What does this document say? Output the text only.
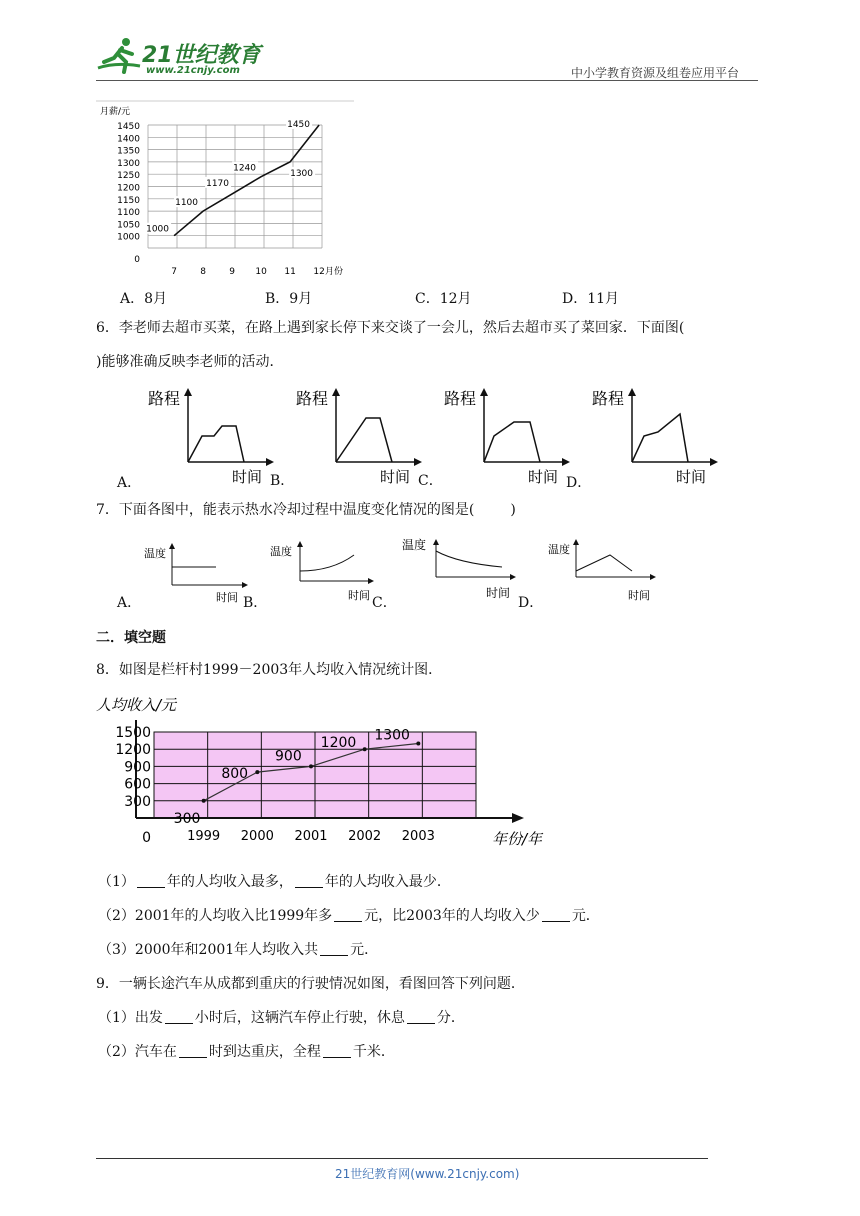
21世纪教育
www.21cnjy.com	中小学教育资源及组卷应用平台
月薪/元
0
1000
1050
1100
1150
1200
1250
1300
1350
1400
1450
7	8	9 10 11 12 月份
1000
1100
1170
1240
1300
1450
A．8月	B．9月	C．12月	D．11月
6．李老师去超市买菜，在路上遇到家长停下来交谈了一会儿，然后去超市买了菜回家．下面图(
)能够准确反映李老师的活动．
路程
时间
路程
时间
路程
时间
路程
时间
A．	B．	C．	D．
7．下面各图中，能表示热水冷却过程中温度变化情况的图是(	)
温度
时间
温度
时间
温度
时间
温度
时间
A．	B．	C．	D．
二．填空题
8．如图是栏杆村1999－2003年人均收入情况统计图．
人均收入/元
0
300
600
900
1200
1500
1999 2000 2001 2002 2003	年份/年
300
800
900
1200 1300
（1） 年的人均收入最多， 年的人均收入最少．
（2）2001年的人均收入比1999年多 元，比2003年的人均收入少 元．
（3）2000年和2001年人均收入共 元．
9．一辆长途汽车从成都到重庆的行驶情况如图，看图回答下列问题．
（1）出发 小时后，这辆汽车停止行驶，休息 分．
（2）汽车在 时到达重庆，全程 千米．
21世纪教育网(www.21cnjy.com)
